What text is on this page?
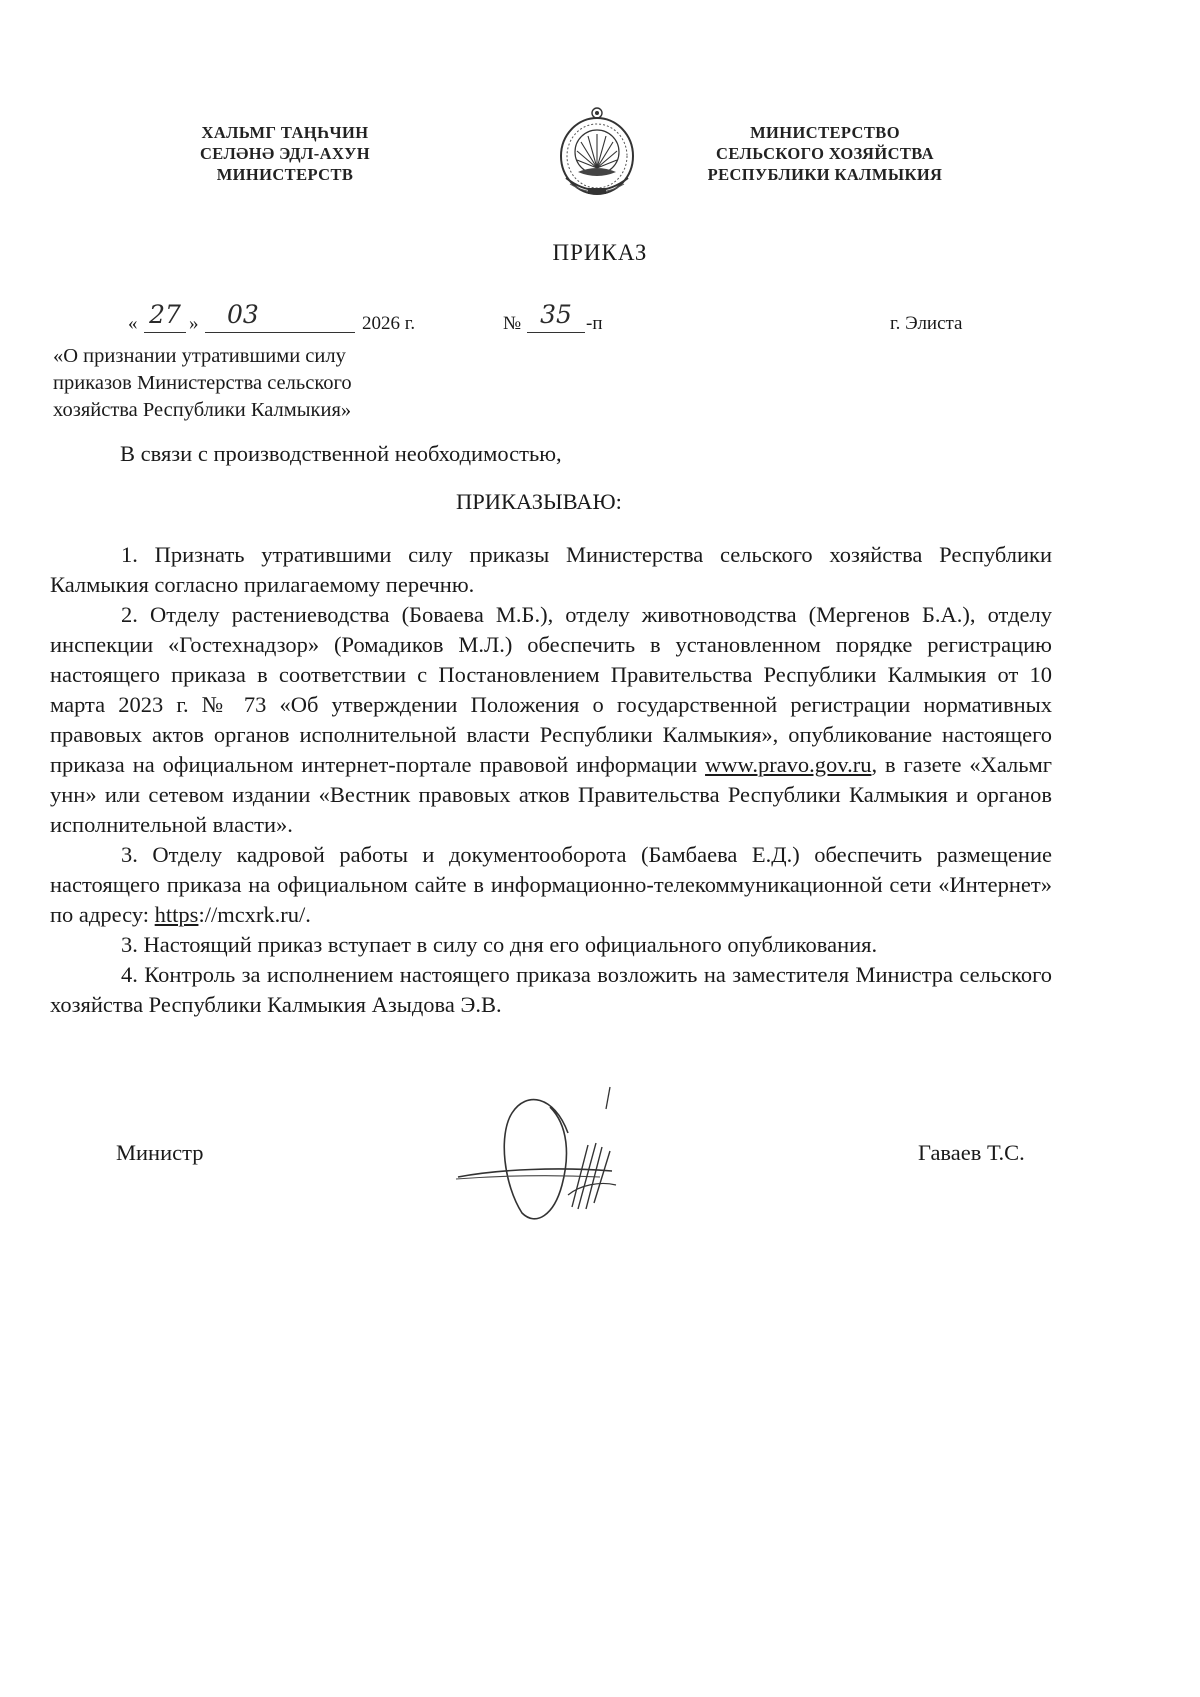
ХАЛЬМГ ТАҢҺЧИН
СЕЛӘНӘ ЭДЛ-АХУН
МИНИСТЕРСТВ
МИНИСТЕРСТВО
СЕЛЬСКОГО ХОЗЯЙСТВА
РЕСПУБЛИКИ КАЛМЫКИЯ
ПРИКАЗ
« 27 »	03	2026 г.	№ 35 -п	г. Элиста
«О признании утратившими силу
приказов Министерства сельского
хозяйства Республики Калмыкия»
В связи с производственной необходимостью,
ПРИКАЗЫВАЮ:

1. Признать утратившими силу приказы Министерства сельского хозяйства Республики Калмыкия согласно прилагаемому перечню.

2. Отделу растениеводства (Боваева М.Б.), отделу животноводства (Мергенов Б.А.), отделу инспекции «Гостехнадзор» (Ромадиков М.Л.) обеспечить в установленном порядке регистрацию настоящего приказа в соответствии с Постановлением Правительства Республики Калмыкия от 10 марта 2023 г. № 73 «Об утверждении Положения о государственной регистрации нормативных правовых актов органов исполнительной власти Республики Калмыкия», опубликование настоящего приказа на официальном интернет-портале правовой информации www.pravo.gov.ru, в газете «Хальмг унн» или сетевом издании «Вестник правовых атков Правительства Республики Калмыкия и органов исполнительной власти».

3. Отделу кадровой работы и документооборота (Бамбаева Е.Д.) обеспечить размещение настоящего приказа на официальном сайте в информационно-телекоммуникационной сети «Интернет» по адресу: https://mcxrk.ru/.

3. Настоящий приказ вступает в силу со дня его официального опубликования.

4. Контроль за исполнением настоящего приказа возложить на заместителя Министра сельского хозяйства Республики Калмыкия Азыдова Э.В.

Министр	Гаваев Т.С.
